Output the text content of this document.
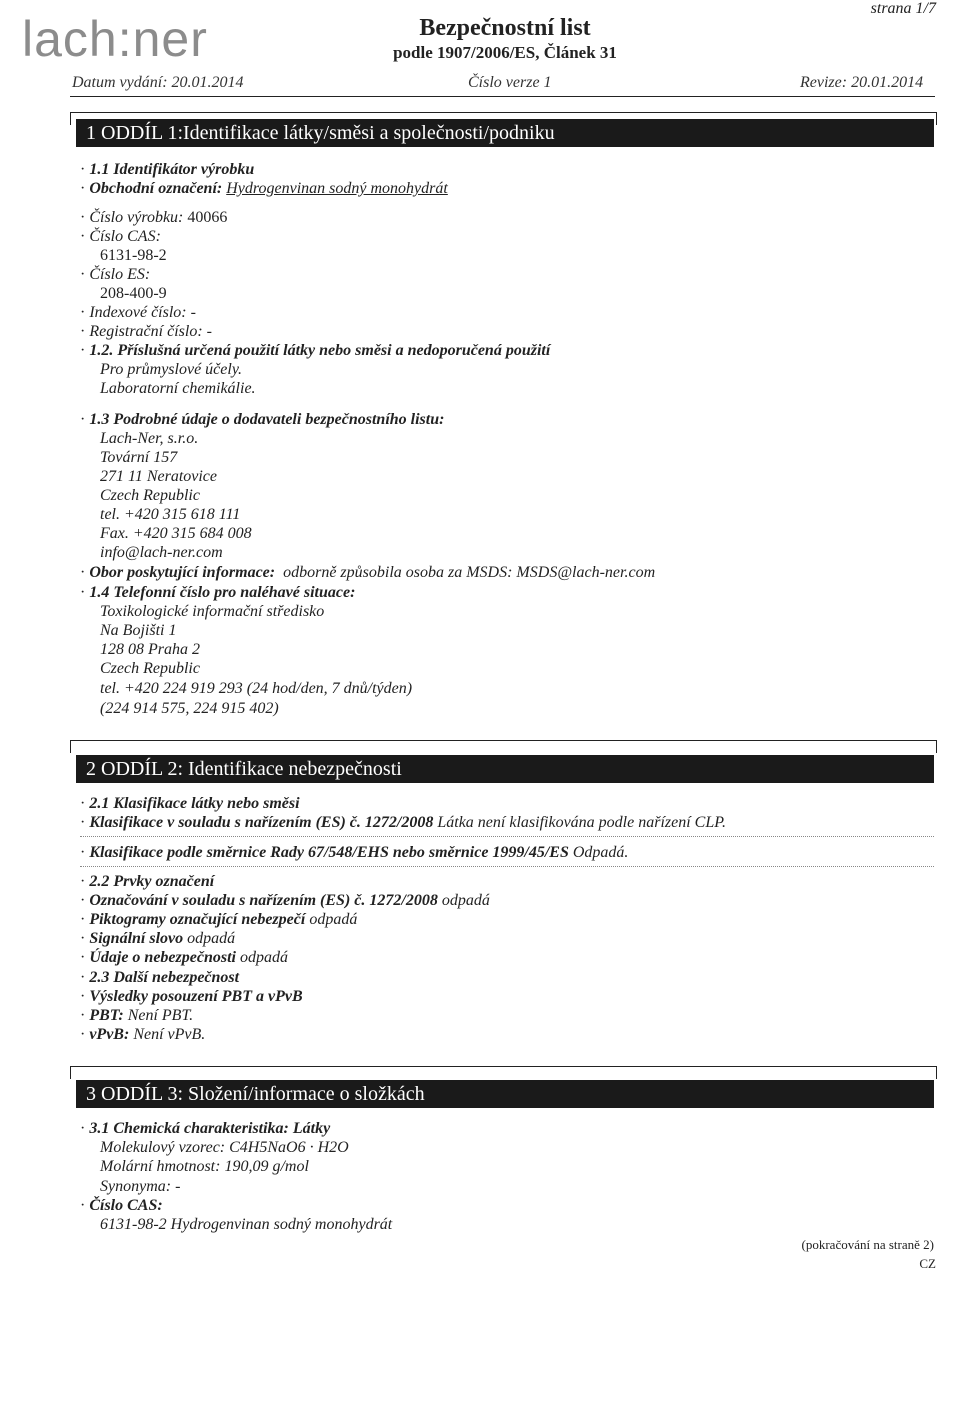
lach:ner	Bezpečnostní list
podle 1907/2006/ES, Článek 31
strana 1/7
Datum vydání: 20.01.2014	Číslo verze 1	Revize: 20.01.2014
1 ODDÍL 1:Identifikace látky/směsi a společnosti/podniku
· 1.1 Identifikátor výrobku
· Obchodní označení: Hydrogenvinan sodný monohydrát
· Číslo výrobku: 40066
· Číslo CAS:
6131-98-2
· Číslo ES:
208-400-9
· Indexové číslo: -
· Registrační číslo: -
· 1.2. Příslušná určená použití látky nebo směsi a nedoporučená použití
Pro průmyslové účely.
Laboratorní chemikálie.
· 1.3 Podrobné údaje o dodavateli bezpečnostního listu:
Lach-Ner, s.r.o.
Tovární 157
271 11 Neratovice
Czech Republic
tel. +420 315 618 111
Fax. +420 315 684 008
info@lach-ner.com
· Obor poskytující informace: odborně způsobila osoba za MSDS: MSDS@lach-ner.com
· 1.4 Telefonní číslo pro naléhavé situace:
Toxikologické informační středisko
Na Bojišti 1
128 08 Praha 2
Czech Republic
tel. +420 224 919 293 (24 hod/den, 7 dnů/týden)
(224 914 575, 224 915 402)
2 ODDÍL 2: Identifikace nebezpečnosti
· 2.1 Klasifikace látky nebo směsi
· Klasifikace v souladu s nařízením (ES) č. 1272/2008 Látka není klasifikována podle nařízení CLP.
· Klasifikace podle směrnice Rady 67/548/EHS nebo směrnice 1999/45/ES Odpadá.
· 2.2 Prvky označení
· Označování v souladu s nařízením (ES) č. 1272/2008 odpadá
· Piktogramy označující nebezpečí odpadá
· Signální slovo odpadá
· Údaje o nebezpečnosti odpadá
· 2.3 Další nebezpečnost
· Výsledky posouzení PBT a vPvB
· PBT: Není PBT.
· vPvB: Není vPvB.
3 ODDÍL 3: Složení/informace o složkách
· 3.1 Chemická charakteristika: Látky
Molekulový vzorec: C4H5NaO6 · H2O
Molární hmotnost: 190,09 g/mol
Synonyma: -
· Číslo CAS:
6131-98-2 Hydrogenvinan sodný monohydrát
(pokračování na straně 2)
CZ
